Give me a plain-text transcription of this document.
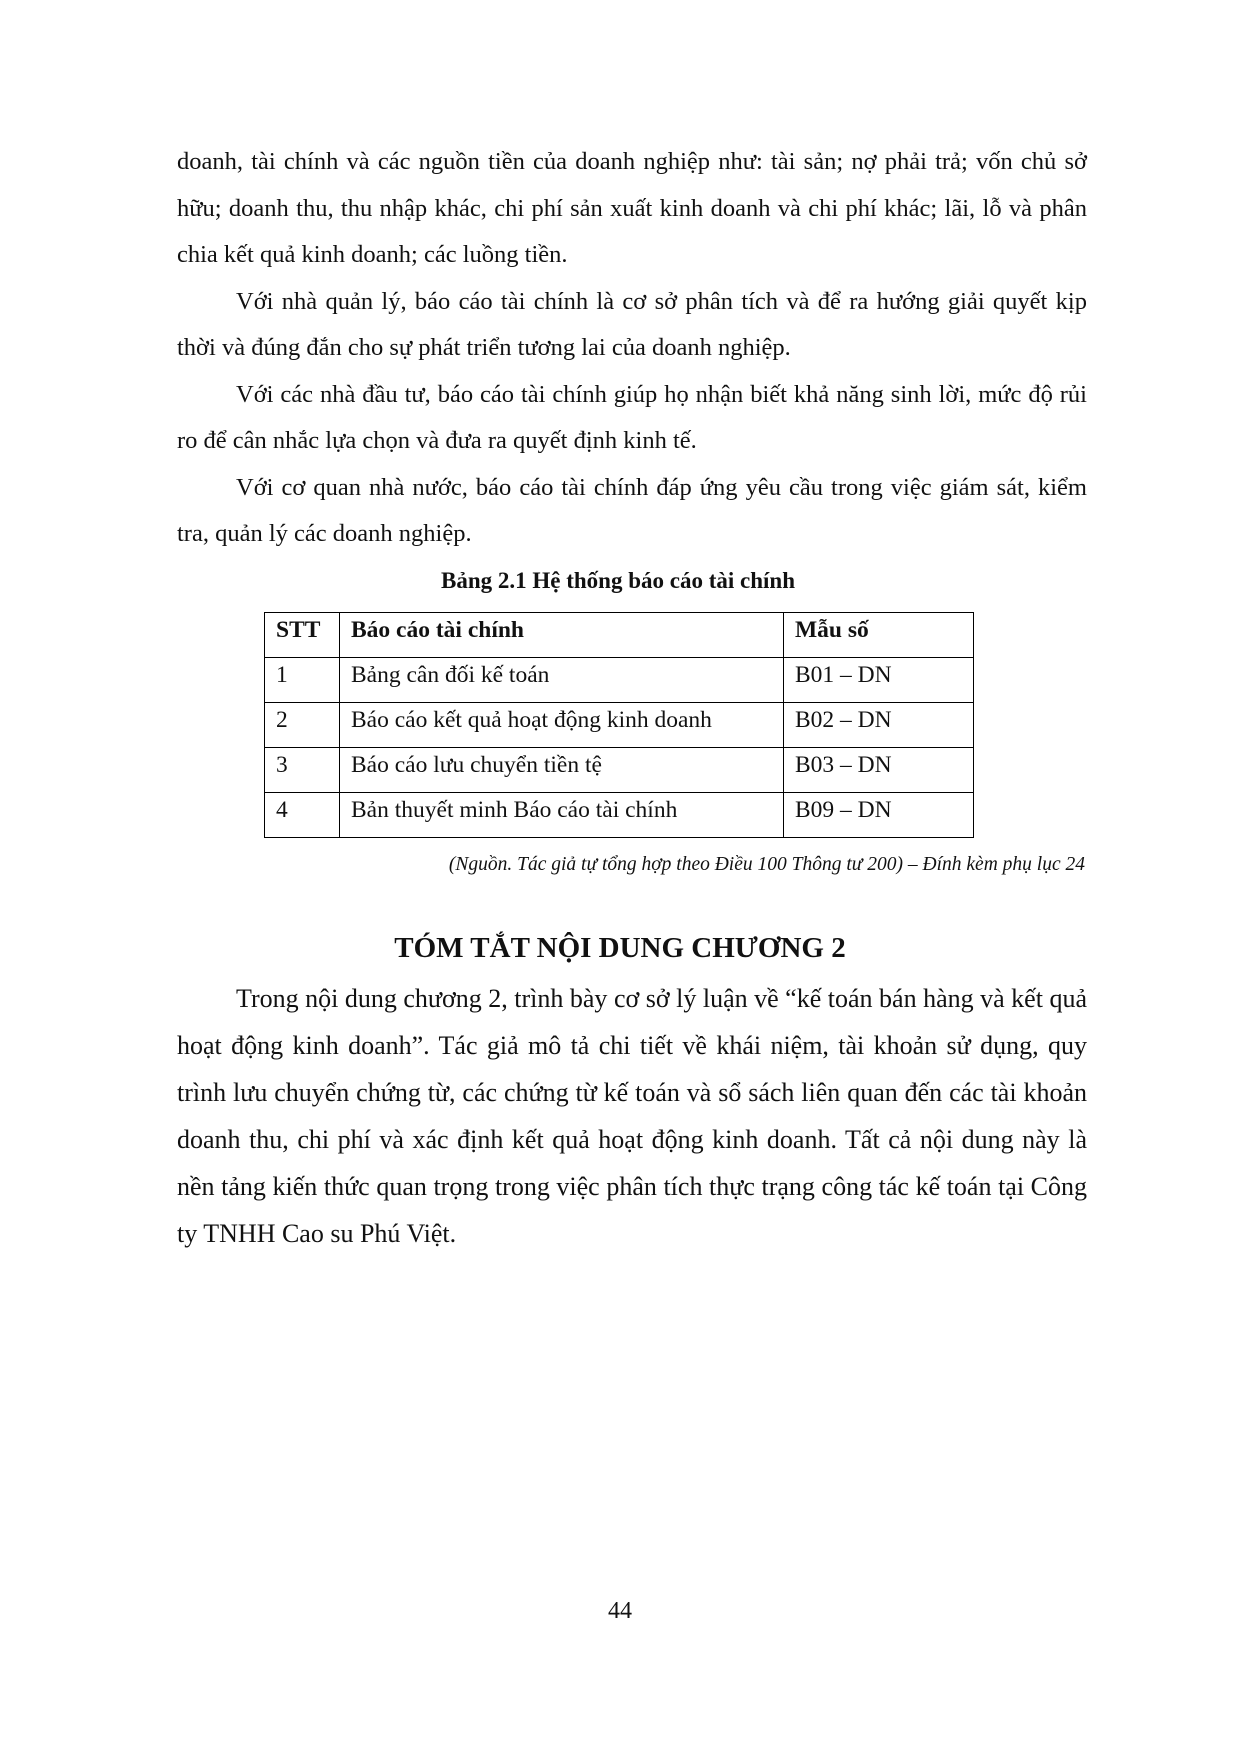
doanh, tài chính và các nguồn tiền của doanh nghiệp như: tài sản; nợ phải trả; vốn chủ sở hữu; doanh thu, thu nhập khác, chi phí sản xuất kinh doanh và chi phí khác; lãi, lỗ và phân chia kết quả kinh doanh; các luồng tiền.

Với nhà quản lý, báo cáo tài chính là cơ sở phân tích và để ra hướng giải quyết kịp thời và đúng đắn cho sự phát triển tương lai của doanh nghiệp.

Với các nhà đầu tư, báo cáo tài chính giúp họ nhận biết khả năng sinh lời, mức độ rủi ro để cân nhắc lựa chọn và đưa ra quyết định kinh tế.

Với cơ quan nhà nước, báo cáo tài chính đáp ứng yêu cầu trong việc giám sát, kiểm tra, quản lý các doanh nghiệp.

Bảng 2.1 Hệ thống báo cáo tài chính
STT	Báo cáo tài chính	Mẫu số
1	Bảng cân đối kế toán	B01 – DN
2	Báo cáo kết quả hoạt động kinh doanh	B02 – DN
3	Báo cáo lưu chuyển tiền tệ	B03 – DN
4	Bản thuyết minh Báo cáo tài chính	B09 – DN
(Nguồn. Tác giả tự tổng hợp theo Điều 100 Thông tư 200) – Đính kèm phụ lục 24
TÓM TẮT NỘI DUNG CHƯƠNG 2

Trong nội dung chương 2, trình bày cơ sở lý luận về “kế toán bán hàng và kết quả hoạt động kinh doanh”. Tác giả mô tả chi tiết về khái niệm, tài khoản sử dụng, quy trình lưu chuyển chứng từ, các chứng từ kế toán và sổ sách liên quan đến các tài khoản doanh thu, chi phí và xác định kết quả hoạt động kinh doanh. Tất cả nội dung này là nền tảng kiến thức quan trọng trong việc phân tích thực trạng công tác kế toán tại Công ty TNHH Cao su Phú Việt.

44
